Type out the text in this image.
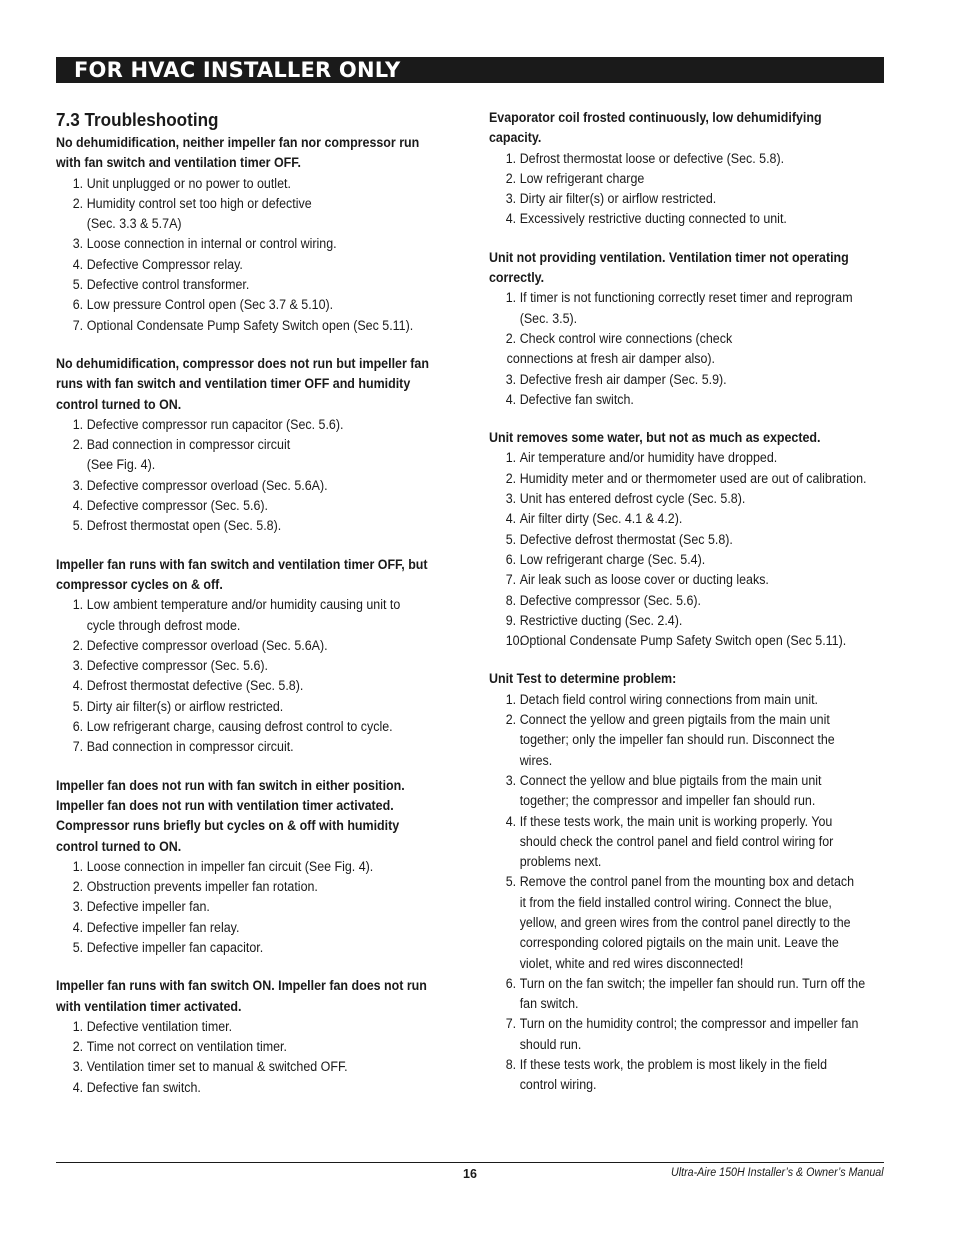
FOR HVAC INSTALLER ONLY
7.3 Troubleshooting
No dehumidification, neither impeller fan nor compressor run
with fan switch and ventilation timer OFF.
1. Unit unplugged or no power to outlet.
2. Humidity control set too high or defective
(Sec. 3.3 & 5.7A)
3. Loose connection in internal or control wiring.
4. Defective Compressor relay.
5. Defective control transformer.
6. Low pressure Control open (Sec 3.7 & 5.10).
7. Optional Condensate Pump Safety Switch open (Sec 5.11).
No dehumidification, compressor does not run but impeller fan
runs with fan switch and ventilation timer OFF and humidity
control turned to ON.
1. Defective compressor run capacitor (Sec. 5.6).
2. Bad connection in compressor circuit
(See Fig. 4).
3. Defective compressor overload (Sec. 5.6A).
4. Defective compressor (Sec. 5.6).
5. Defrost thermostat open (Sec. 5.8).
Impeller fan runs with fan switch and ventilation timer OFF, but
compressor cycles on & off.
1. Low ambient temperature and/or humidity causing unit to
cycle through defrost mode.
2. Defective compressor overload (Sec. 5.6A).
3. Defective compressor (Sec. 5.6).
4. Defrost thermostat defective (Sec. 5.8).
5. Dirty air filter(s) or airflow restricted.
6. Low refrigerant charge, causing defrost control to cycle.
7. Bad connection in compressor circuit.
Impeller fan does not run with fan switch in either position.
Impeller fan does not run with ventilation timer activated.
Compressor runs briefly but cycles on & off with humidity
control turned to ON.
1. Loose connection in impeller fan circuit (See Fig. 4).
2. Obstruction prevents impeller fan rotation.
3. Defective impeller fan.
4. Defective impeller fan relay.
5. Defective impeller fan capacitor.
Impeller fan runs with fan switch ON. Impeller fan does not run
with ventilation timer activated.
1. Defective ventilation timer.
2. Time not correct on ventilation timer.
3. Ventilation timer set to manual & switched OFF.
4. Defective fan switch.
Evaporator coil frosted continuously, low dehumidifying
capacity.
1. Defrost thermostat loose or defective (Sec. 5.8).
2. Low refrigerant charge
3. Dirty air filter(s) or airflow restricted.
4. Excessively restrictive ducting connected to unit.
Unit not providing ventilation. Ventilation timer not operating
correctly.
1. If timer is not functioning correctly reset timer and reprogram
(Sec. 3.5).
2. Check control wire connections (check
connections at fresh air damper also).
3. Defective fresh air damper (Sec. 5.9).
4. Defective fan switch.
Unit removes some water, but not as much as expected.
1. Air temperature and/or humidity have dropped.
2. Humidity meter and or thermometer used are out of calibration.
3. Unit has entered defrost cycle (Sec. 5.8).
4. Air filter dirty (Sec. 4.1 & 4.2).
5. Defective defrost thermostat (Sec 5.8).
6. Low refrigerant charge (Sec. 5.4).
7. Air leak such as loose cover or ducting leaks.
8. Defective compressor (Sec. 5.6).
9. Restrictive ducting (Sec. 2.4).
10.
Optional Condensate Pump Safety Switch open (Sec 5.11).
Unit Test to determine problem:
1. Detach field control wiring connections from main unit.
2. Connect the yellow and green pigtails from the main unit
together; only the impeller fan should run. Disconnect the
wires.
3. Connect the yellow and blue pigtails from the main unit
together; the compressor and impeller fan should run.
4. If these tests work, the main unit is working properly. You
should check the control panel and field control wiring for
problems next.
5. Remove the control panel from the mounting box and detach
it from the field installed control wiring. Connect the blue,
yellow, and green wires from the control panel directly to the
corresponding colored pigtails on the main unit. Leave the
violet, white and red wires disconnected!
6. Turn on the fan switch; the impeller fan should run. Turn off the
fan switch.
7. Turn on the humidity control; the compressor and impeller fan
should run.
8. If these tests work, the problem is most likely in the field
control wiring.
16	Ultra-Aire 150H Installer’s & Owner’s Manual
